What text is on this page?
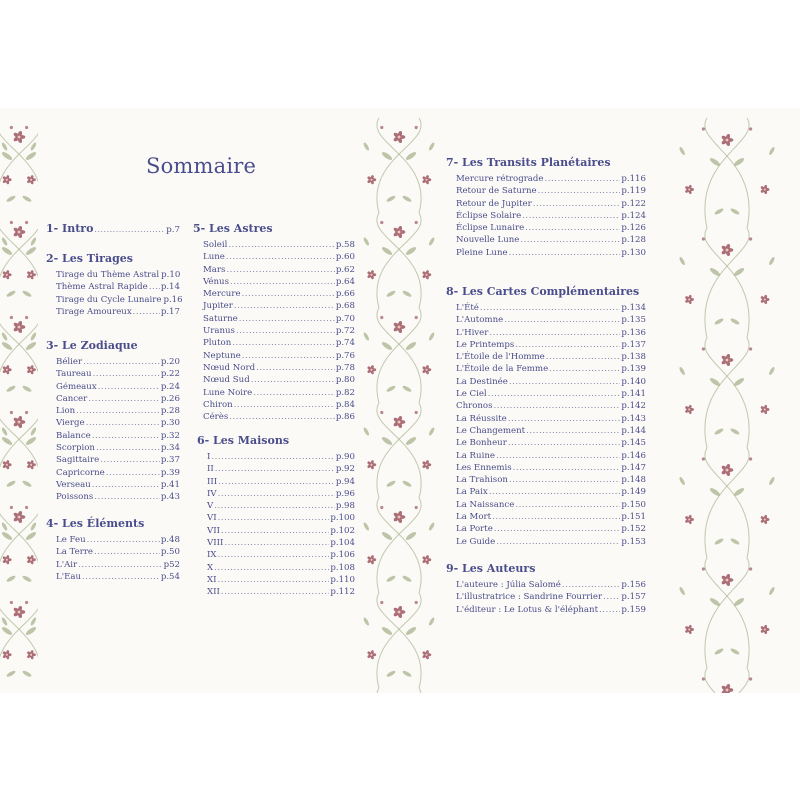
Sommaire
1- Intro .....	p.7
2- Les Tirages
Tirage du Thème Astral p.10
Thème Astral Rapide ..... p.14
Tirage du Cycle Lunaire p.16
Tirage Amoureux .....	p.17
3- Le Zodiaque
Bélier .....	p.20
Taureau .....	p.22
Gémeaux .....	p.24
Cancer .....	p.26
Lion .....	p.28
Vierge .....	p.30
Balance .....	p.32
Scorpion .....	p.34
Sagittaire .....	p.37
Capricorne .....	p.39
Verseau .....	p.41
Poissons .....	p.43
4- Les Éléments
Le Feu .....	p.48
La Terre .....	p.50
L'Air .....	p52
L'Eau .....	p.54
5- Les Astres
Soleil .....	p.58
Lune .....	p.60
Mars .....	p.62
Vénus .....	p.64
Mercure .....	p.66
Jupiter .....	p.68
Saturne .....	p.70
Uranus .....	p.72
Pluton .....	p.74
Neptune .....	p.76
Nœud Nord .....	p.78
Nœud Sud .....	p.80
Lune Noire .....	p.82
Chiron .....	p.84
Cérès .....	p.86
6- Les Maisons
I .....	p.90
II .....	p.92
III .....	p.94
IV .....	p.96
V .....	p.98
VI .....	p.100
VII .....	p.102
VIII .....	p.104
IX .....	p.106
X .....	p.108
XI .....	p.110
XII .....	p.112
7- Les Transits Planétaires
Mercure rétrograde .....	p.116
Retour de Saturne .....	p.119
Retour de Jupiter .....	p.122
Éclipse Solaire .....	p.124
Éclipse Lunaire .....	p.126
Nouvelle Lune .....	p.128
Pleine Lune .....	p.130
8- Les Cartes Complémentaires
L'Été .....	p.134
L'Automne .....	p.135
L'Hiver .....	p.136
Le Printemps .....	p.137
L'Étoile de l'Homme .....	p.138
L'Étoile de la Femme .....	p.139
La Destinée .....	p.140
Le Ciel .....	p.141
Chronos .....	p.142
La Réussite .....	p.143
Le Changement .....	p.144
Le Bonheur .....	p.145
La Ruine .....	p.146
Les Ennemis .....	p.147
La Trahison .....	p.148
La Paix .....	p.149
La Naissance .....	p.150
La Mort .....	p.151
La Porte .....	p.152
Le Guide .....	p.153
9- Les Auteurs
L'auteure : Júlia Salomé .....	p.156
L'illustratrice : Sandrine Fourrier ..... p.157
L'éditeur : Le Lotus & l'éléphant .....	p.159
